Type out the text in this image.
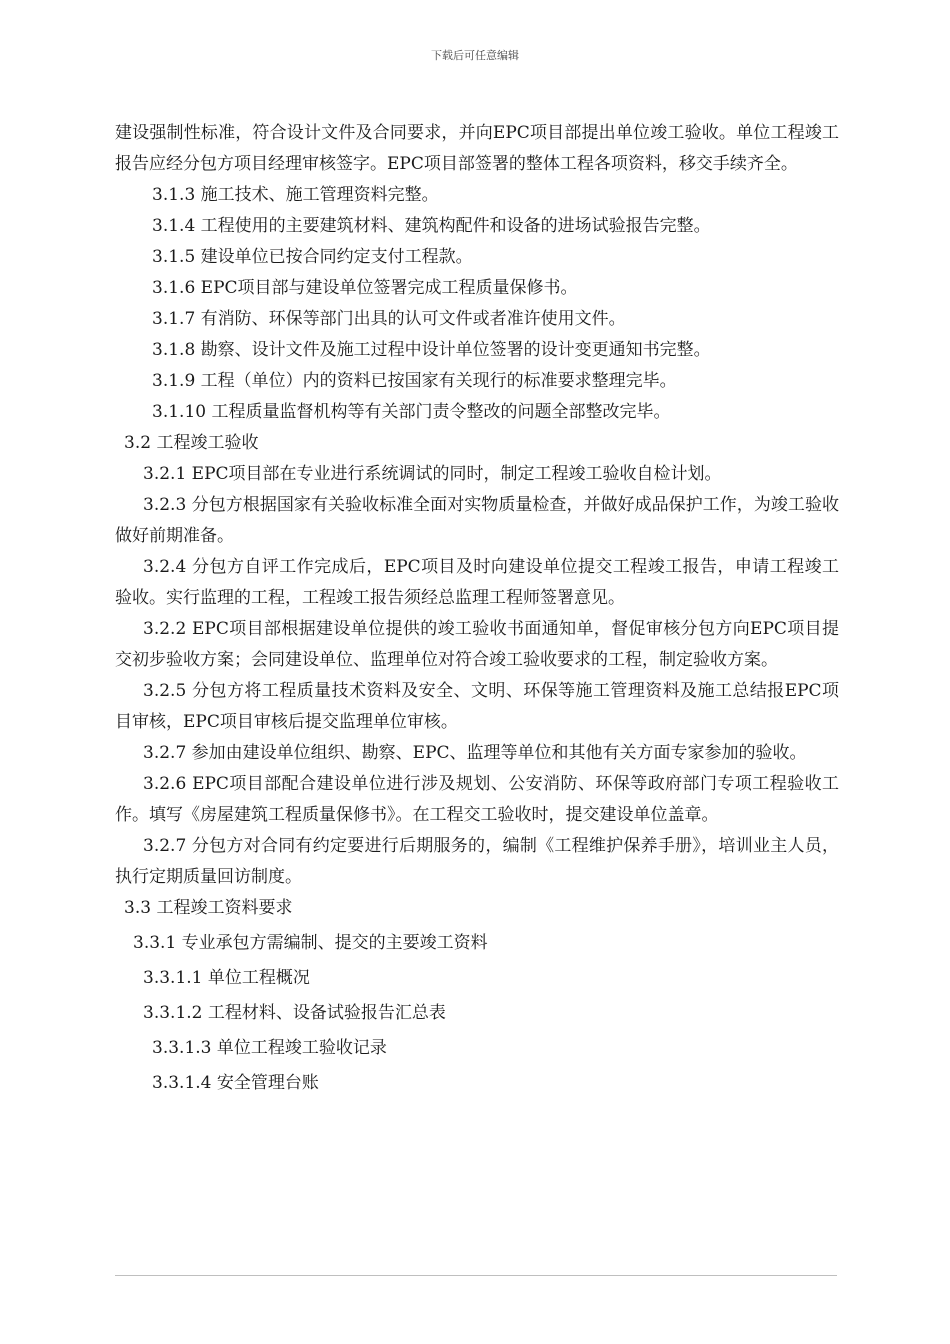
下载后可任意编辑

建设强制性标准，符合设计文件及合同要求，并向EPC项目部提出单位竣工验收。单位工程竣工报告应经分包方项目经理审核签字。EPC项目部签署的整体工程各项资料，移交手续齐全。

3.1.3 施工技术、施工管理资料完整。

3.1.4 工程使用的主要建筑材料、建筑构配件和设备的进场试验报告完整。

3.1.5 建设单位已按合同约定支付工程款。

3.1.6 EPC项目部与建设单位签署完成工程质量保修书。

3.1.7 有消防、环保等部门出具的认可文件或者准许使用文件。

3.1.8 勘察、设计文件及施工过程中设计单位签署的设计变更通知书完整。

3.1.9 工程（单位）内的资料已按国家有关现行的标准要求整理完毕。

3.1.10 工程质量监督机构等有关部门责令整改的问题全部整改完毕。

3.2 工程竣工验收

3.2.1 EPC项目部在专业进行系统调试的同时，制定工程竣工验收自检计划。

3.2.3 分包方根据国家有关验收标准全面对实物质量检查，并做好成品保护工作，为竣工验收做好前期准备。

3.2.4 分包方自评工作完成后，EPC项目及时向建设单位提交工程竣工报告，申请工程竣工验收。实行监理的工程，工程竣工报告须经总监理工程师签署意见。

3.2.2 EPC项目部根据建设单位提供的竣工验收书面通知单，督促审核分包方向EPC项目提交初步验收方案；会同建设单位、监理单位对符合竣工验收要求的工程，制定验收方案。

3.2.5 分包方将工程质量技术资料及安全、文明、环保等施工管理资料及施工总结报EPC项目审核，EPC项目审核后提交监理单位审核。

3.2.7 参加由建设单位组织、勘察、EPC、监理等单位和其他有关方面专家参加的验收。

3.2.6 EPC项目部配合建设单位进行涉及规划、公安消防、环保等政府部门专项工程验收工作。填写《房屋建筑工程质量保修书》。在工程交工验收时，提交建设单位盖章。

3.2.7 分包方对合同有约定要进行后期服务的，编制《工程维护保养手册》，培训业主人员，执行定期质量回访制度。

3.3 工程竣工资料要求

3.3.1 专业承包方需编制、提交的主要竣工资料

3.3.1.1 单位工程概况

3.3.1.2 工程材料、设备试验报告汇总表

3.3.1.3 单位工程竣工验收记录

3.3.1.4 安全管理台账
